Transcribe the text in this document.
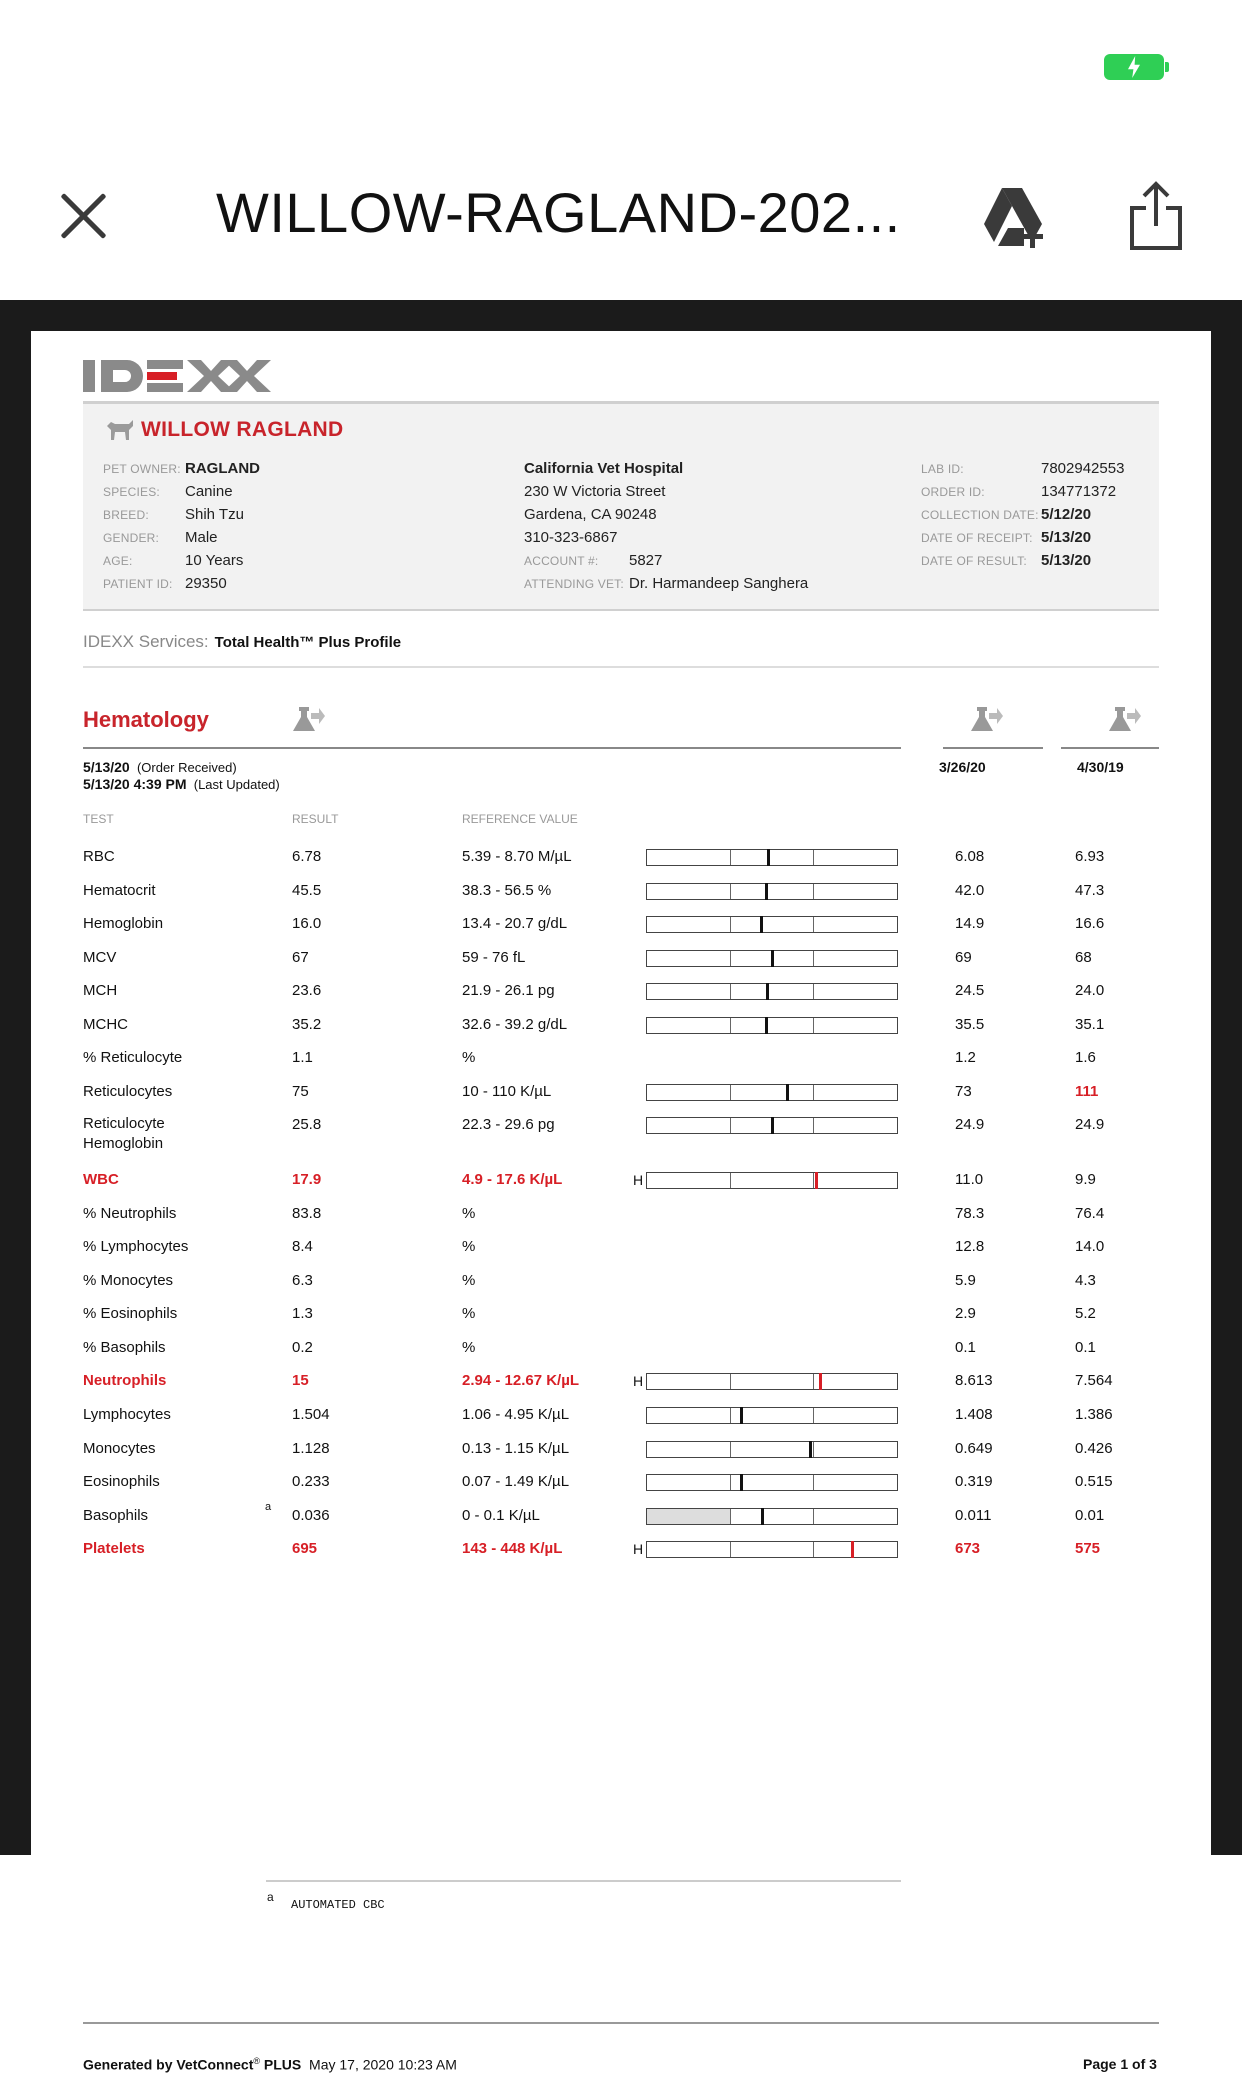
WILLOW-RAGLAND-202...
WILLOW RAGLAND
PET OWNER: RAGLAND
SPECIES: Canine
BREED: Shih Tzu
GENDER: Male
AGE:	10 Years
PATIENT ID: 29350
California Vet Hospital
230 W Victoria Street
Gardena, CA 90248
310-323-6867
ACCOUNT #: 5827
ATTENDING VET: Dr. Harmandeep Sanghera
LAB ID:	7802942553
ORDER ID:	134771372
COLLECTION DATE: 5/12/20
DATE OF RECEIPT: 5/13/20
DATE OF RESULT: 5/13/20
IDEXX Services: Total Health™ Plus Profile
Hematology
5/13/20 (Order Received)
5/13/20 4:39 PM (Last Updated)
3/26/20	4/30/19
TEST	RESULT	REFERENCE VALUE
RBC	6.78	5.39 - 8.70 M/µL	6.08	6.93
Hematocrit	45.5	38.3 - 56.5 %	42.0	47.3
Hemoglobin	16.0	13.4 - 20.7 g/dL	14.9	16.6
MCV	67	59 - 76 fL	69	68
MCH	23.6	21.9 - 26.1 pg	24.5	24.0
MCHC	35.2	32.6 - 39.2 g/dL	35.5	35.1
% Reticulocyte	1.1	%	1.2	1.6
Reticulocytes	75	10 - 110 K/µL	73	111
Reticulocyte Hemoglobin
25.8	22.3 - 29.6 pg	24.9	24.9
WBC	17.9	4.9 - 17.6 K/µL	H	11.0	9.9
% Neutrophils	83.8	%	78.3	76.4
% Lymphocytes	8.4	%	12.8	14.0
% Monocytes	6.3	%	5.9	4.3
% Eosinophils	1.3	%	2.9	5.2
% Basophils	0.2	%	0.1	0.1
Neutrophils	15	2.94 - 12.67 K/µL	H	8.613	7.564
Lymphocytes	1.504	1.06 - 4.95 K/µL	1.408	1.386
Monocytes	1.128	0.13 - 1.15 K/µL	0.649	0.426
Eosinophils	0.233	0.07 - 1.49 K/µL	0.319	0.515
Basophils	a 0.036	0 - 0.1 K/µL	0.011	0.01
Platelets	695	143 - 448 K/µL	H	673	575
a
AUTOMATED CBC
Generated by VetConnect® PLUS May 17, 2020 10:23 AM	Page 1 of 3
